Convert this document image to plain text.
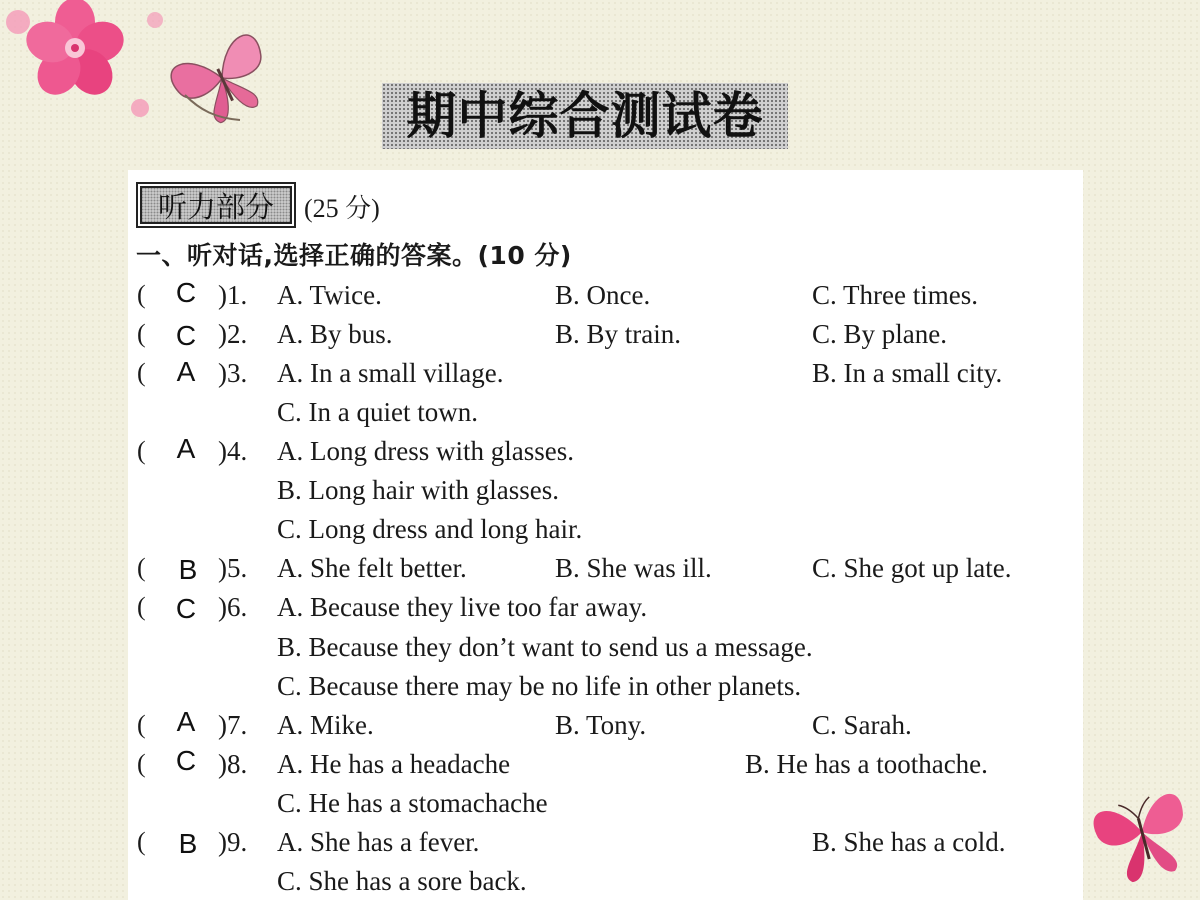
期中综合测试卷
听力部分	(25 分)
一、听对话,选择正确的答案。(10 分)
(	C )1. A. Twice.	B. Once.	C. Three times.
(	C )2. A. By bus.	B. By train.	C. By plane.
(	A )3. A. In a small village.	B. In a small city.
C. In a quiet town.
(	A )4. A. Long dress with glasses.
B. Long hair with glasses.
C. Long dress and long hair.
(	B )5. A. She felt better.	B. She was ill.	C. She got up late.
(	C )6. A. Because they live too far away.
B. Because they don’t want to send us a message.
C. Because there may be no life in other planets.
(	A )7. A. Mike.	B. Tony.	C. Sarah.
(	C )8. A. He has a headache	B. He has a toothache.
C. He has a stomachache
(	B )9. A. She has a fever.	B. She has a cold.
C. She has a sore back.
